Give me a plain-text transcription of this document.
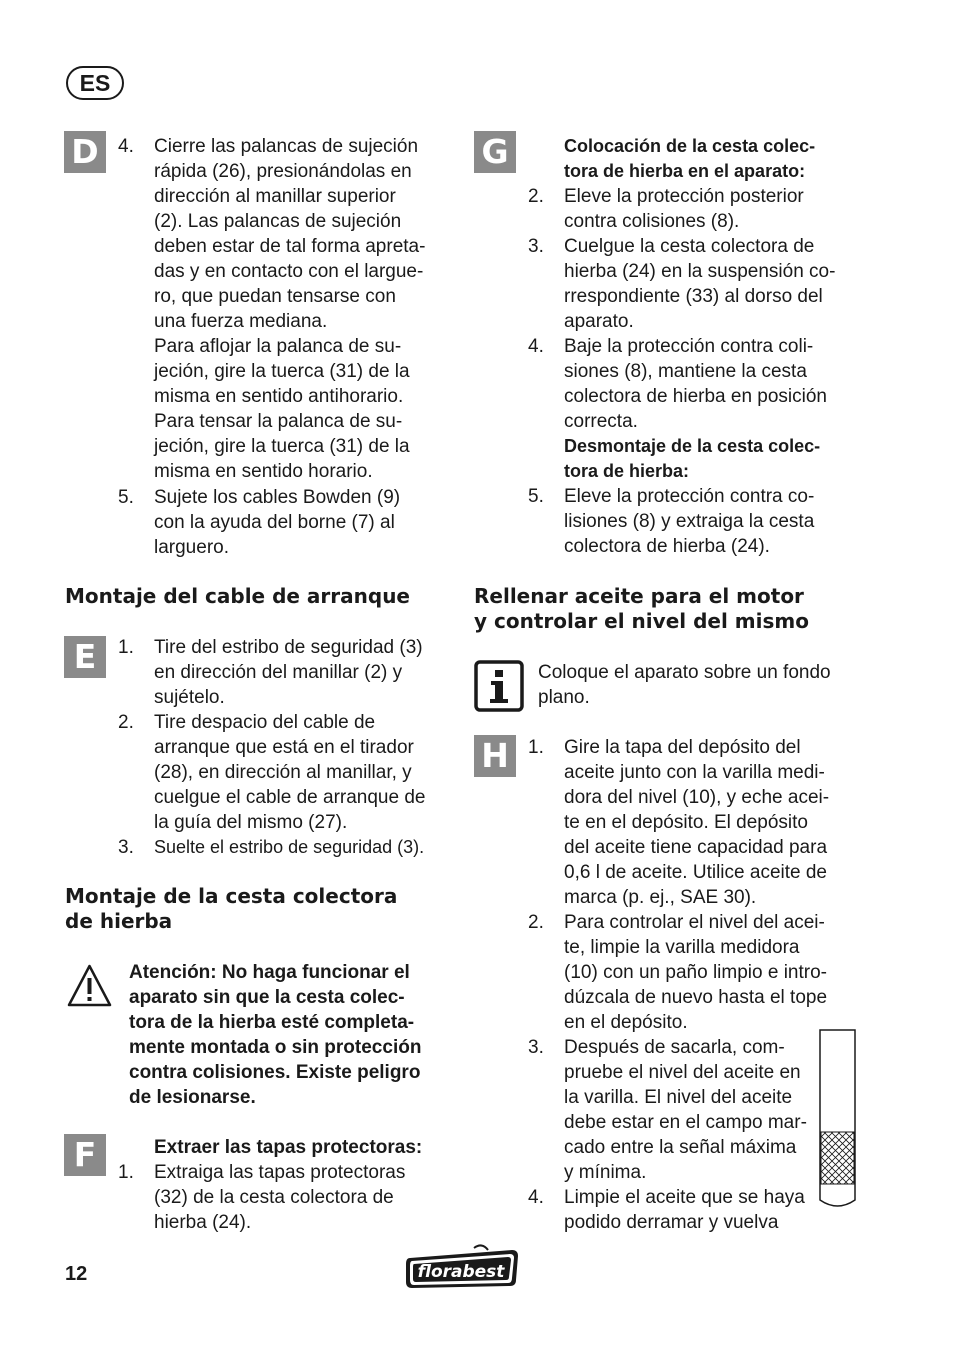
ES
D	4. Cierre las palancas de sujeción
rápida (26), presionándolas en
dirección al manillar superior
(2). Las palancas de sujeción
deben estar de tal forma apreta-
das y en contacto con el largue-
ro, que puedan tensarse con
una fuerza mediana.
Para aflojar la palanca de su-
jeción, gire la tuerca (31) de la
misma en sentido antihorario.
Para tensar la palanca de su-
jeción, gire la tuerca (31) de la
misma en sentido horario.
5. Sujete los cables Bowden (9)
con la ayuda del borne (7) al
larguero.
Montaje del cable de arranque
E	1. Tire del estribo de seguridad (3)
en dirección del manillar (2) y
sujételo.
2. Tire despacio del cable de
arranque que está en el tirador
(28), en dirección al manillar, y
cuelgue el cable de arranque de
la guía del mismo (27).
3. Suelte el estribo de seguridad (3).
Montaje de la cesta colectora
de hierba
Atención: No haga funcionar el
aparato sin que la cesta colec-
tora de la hierba esté completa-
mente montada o sin protección
contra colisiones. Existe peligro
de lesionarse.
F	Extraer las tapas protectoras:
1. Extraiga las tapas protectoras
(32) de la cesta colectora de
hierba (24).
G	Colocación de la cesta colec-
tora de hierba en el aparato:
2. Eleve la protección posterior
contra colisiones (8).
3. Cuelgue la cesta colectora de
hierba (24) en la suspensión co-
rrespondiente (33) al dorso del
aparato.
4. Baje la protección contra coli-
siones (8), mantiene la cesta
colectora de hierba en posición
correcta.
Desmontaje de la cesta colec-
tora de hierba:
5. Eleve la protección contra co-
lisiones (8) y extraiga la cesta
colectora de hierba (24).
Rellenar aceite para el motor
y controlar el nivel del mismo
Coloque el aparato sobre un fondo
plano.
H	1. Gire la tapa del depósito del
aceite junto con la varilla medi-
dora del nivel (10), y eche acei-
te en el depósito. El depósito
del aceite tiene capacidad para
0,6 l de aceite. Utilice aceite de
marca (p. ej., SAE 30).
2. Para controlar el nivel del acei-
te, limpie la varilla medidora
(10) con un paño limpio e intro-
dúzcala de nuevo hasta el tope
en el depósito.
3. Después de sacarla, com-
pruebe el nivel del aceite en
la varilla. El nivel del aceite
debe estar en el campo mar-
cado entre la señal máxima
y mínima.
4. Limpie el aceite que se haya
podido derramar y vuelva
12	florabest
